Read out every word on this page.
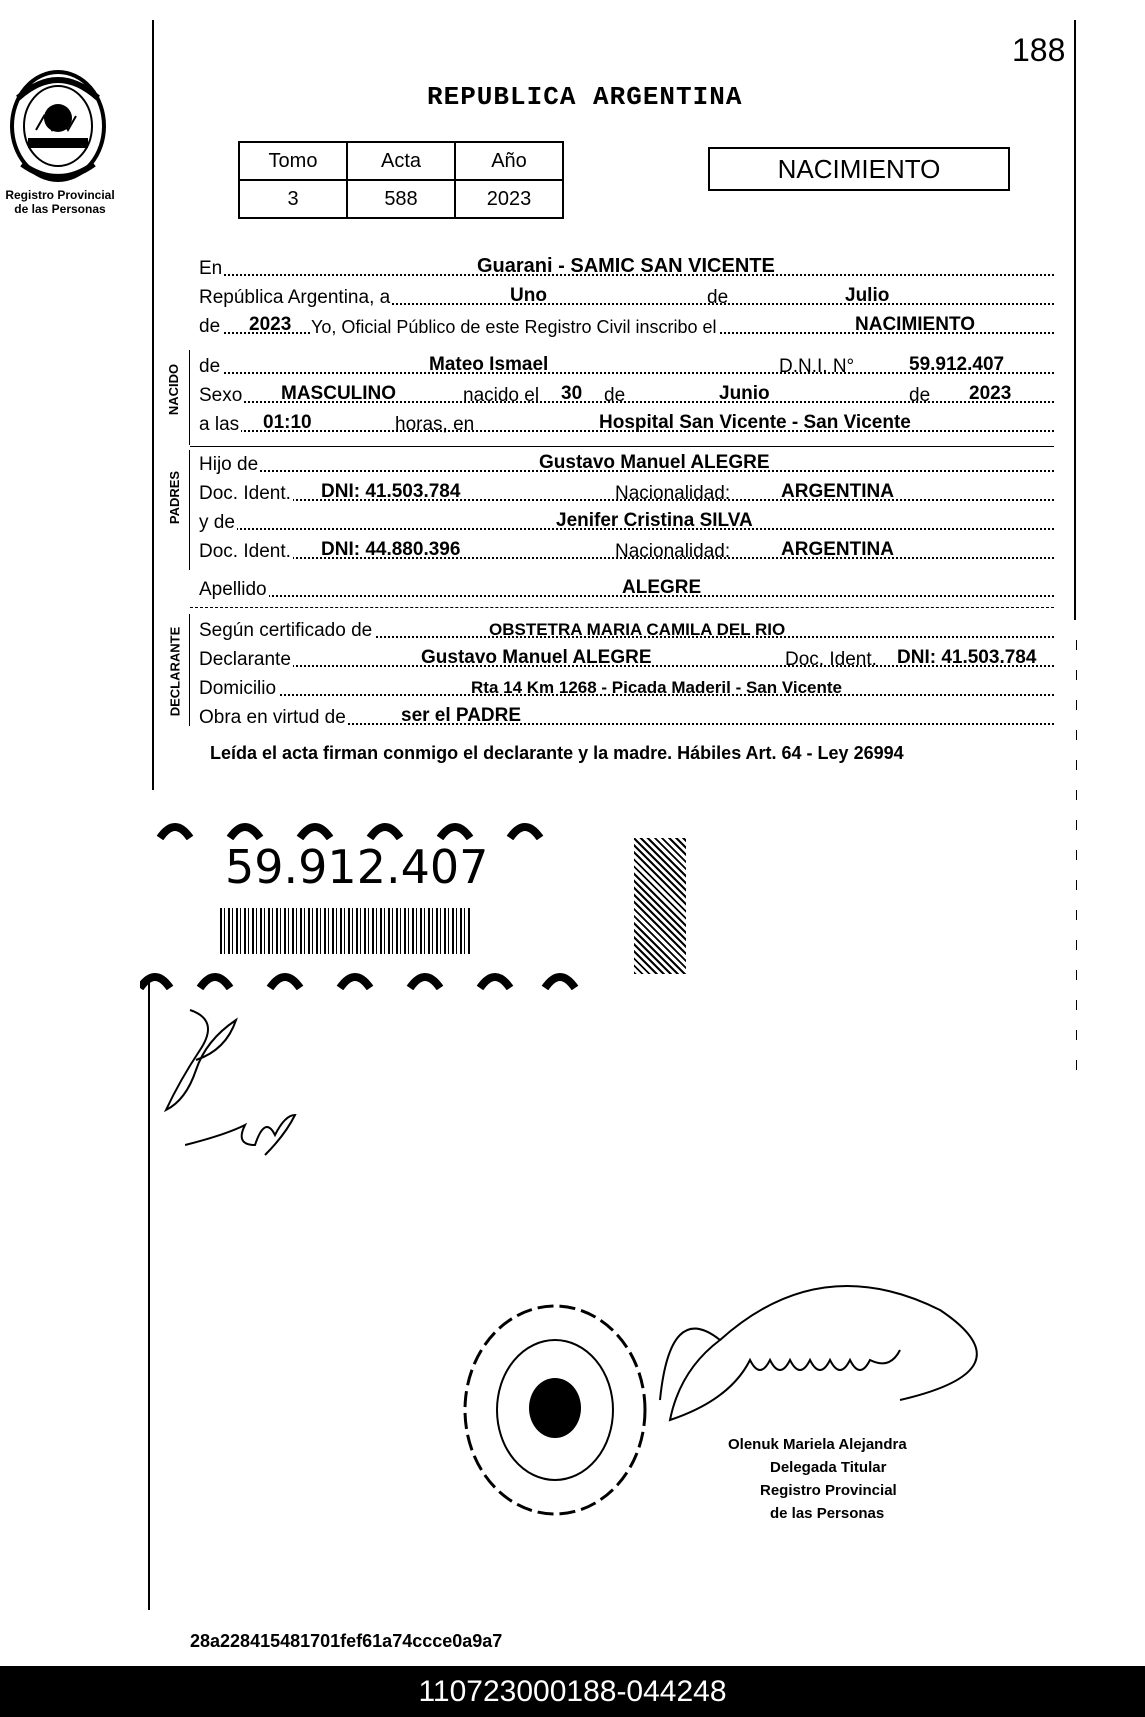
188
Registro Provincial
de las Personas
REPUBLICA ARGENTINA
Tomo	Acta	Año
3	588	2023
NACIMIENTO
En	Guarani - SAMIC SAN VICENTE
República Argentina, a	Uno	de	Julio
de 2023 Yo, Oficial Público de este Registro Civil inscribo el	NACIMIENTO
NACIDO de	Mateo Ismael	D.N.I. N°	59.912.407
Sexo MASCULINO	nacido el 30 de	Junio	de 2023
a las 01:10	horas, en	Hospital San Vicente - San Vicente
PADRES
Hijo de	Gustavo Manuel ALEGRE
Doc. Ident. DNI: 41.503.784	Nacionalidad:	ARGENTINA
y de	Jenifer Cristina SILVA
Doc. Ident. DNI: 44.880.396	Nacionalidad:	ARGENTINA
Apellido	ALEGRE
DECLARANTE Según certificado de	OBSTETRA MARIA CAMILA DEL RIO
Declarante	Gustavo Manuel ALEGRE	Doc. Ident. DNI: 41.503.784
Domicilio	Rta 14 Km 1268 - Picada Maderil - San Vicente
Obra en virtud de	ser el PADRE
Leída el acta firman conmigo el declarante y la madre. Hábiles Art. 64 - Ley 26994
59.912.407
Olenuk Mariela Alejandra
Delegada Titular
Registro Provincial
de las Personas
28a228415481701fef61a74ccce0a9a7
110723000188-044248
